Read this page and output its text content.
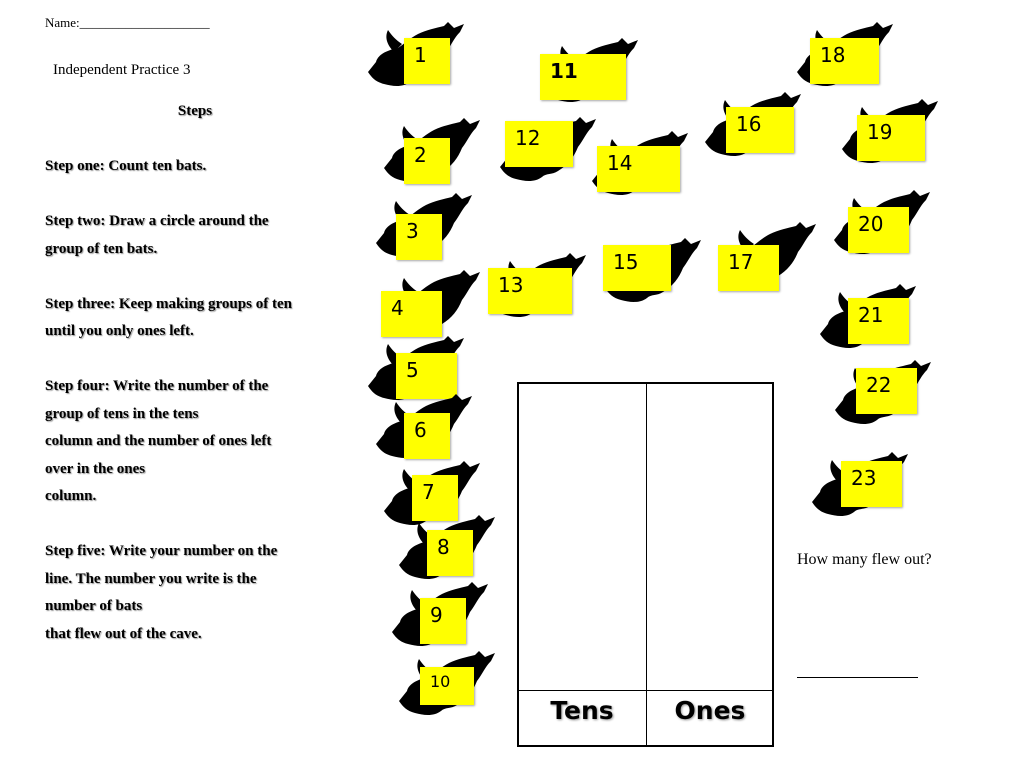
Name:____________________
Independent Practice 3
Steps
Step one: Count ten bats.
Step two: Draw a circle around the
group of ten bats.
Step three: Keep making groups of ten
until you only ones left.
Step four: Write the number of the
group of tens in the tens
column and the number of ones left
over in the ones
column.
Step five: Write your number on the
line. The number you write is the
number of bats
that flew out of the cave.
1
2
3
4
5
6
7
8
9
10
11
12
13
14
15
16
17
18
19
20
21
22
23
Tens	Ones
How many flew out?
